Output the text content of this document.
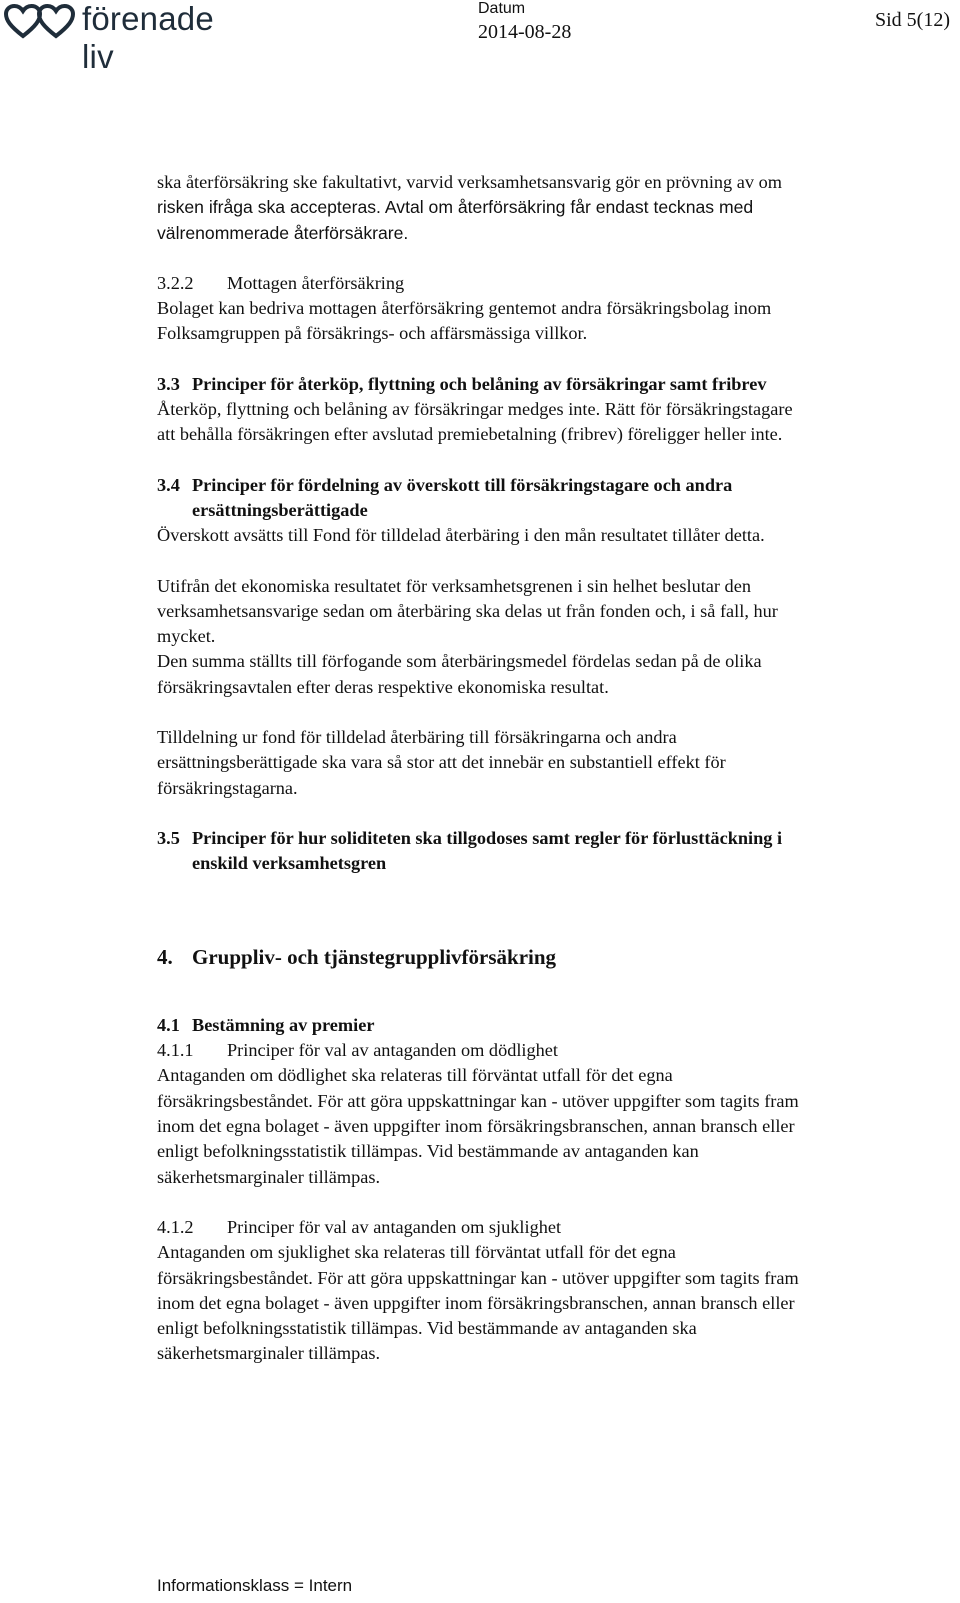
förenade liv
Datum
2014-08-28
Sid 5(12)

ska återförsäkring ske fakultativt, varvid verksamhetsansvarig gör en prövning av om

risken ifråga ska accepteras. Avtal om återförsäkring får endast tecknas med

välrenommerade återförsäkrare.

3.2.2 Mottagen återförsäkring

Bolaget kan bedriva mottagen återförsäkring gentemot andra försäkringsbolag inom

Folksamgruppen på försäkrings- och affärsmässiga villkor.

3.3 Principer för återköp, flyttning och belåning av försäkringar samt fribrev

Återköp, flyttning och belåning av försäkringar medges inte. Rätt för försäkringstagare

att behålla försäkringen efter avslutad premiebetalning (fribrev) föreligger heller inte.

3.4 Principer för fördelning av överskott till försäkringstagare och andra
ersättningsberättigade

Överskott avsätts till Fond för tilldelad återbäring i den mån resultatet tillåter detta.

Utifrån det ekonomiska resultatet för verksamhetsgrenen i sin helhet beslutar den

verksamhetsansvarige sedan om återbäring ska delas ut från fonden och, i så fall, hur

mycket.

Den summa ställts till förfogande som återbäringsmedel fördelas sedan på de olika

försäkringsavtalen efter deras respektive ekonomiska resultat.

Tilldelning ur fond för tilldelad återbäring till försäkringarna och andra

ersättningsberättigade ska vara så stor att det innebär en substantiell effekt för

försäkringstagarna.

3.5 Principer för hur soliditeten ska tillgodoses samt regler för förlusttäckning i
enskild verksamhetsgren

4. Gruppliv- och tjänstegrupplivförsäkring

4.1 Bestämning av premier

4.1.1 Principer för val av antaganden om dödlighet

Antaganden om dödlighet ska relateras till förväntat utfall för det egna

försäkringsbeståndet. För att göra uppskattningar kan - utöver uppgifter som tagits fram

inom det egna bolaget - även uppgifter inom försäkringsbranschen, annan bransch eller

enligt befolkningsstatistik tillämpas. Vid bestämmande av antaganden kan

säkerhetsmarginaler tillämpas.

4.1.2 Principer för val av antaganden om sjuklighet

Antaganden om sjuklighet ska relateras till förväntat utfall för det egna

försäkringsbeståndet. För att göra uppskattningar kan - utöver uppgifter som tagits fram

inom det egna bolaget - även uppgifter inom försäkringsbranschen, annan bransch eller

enligt befolkningsstatistik tillämpas. Vid bestämmande av antaganden ska

säkerhetsmarginaler tillämpas.

Informationsklass = Intern
